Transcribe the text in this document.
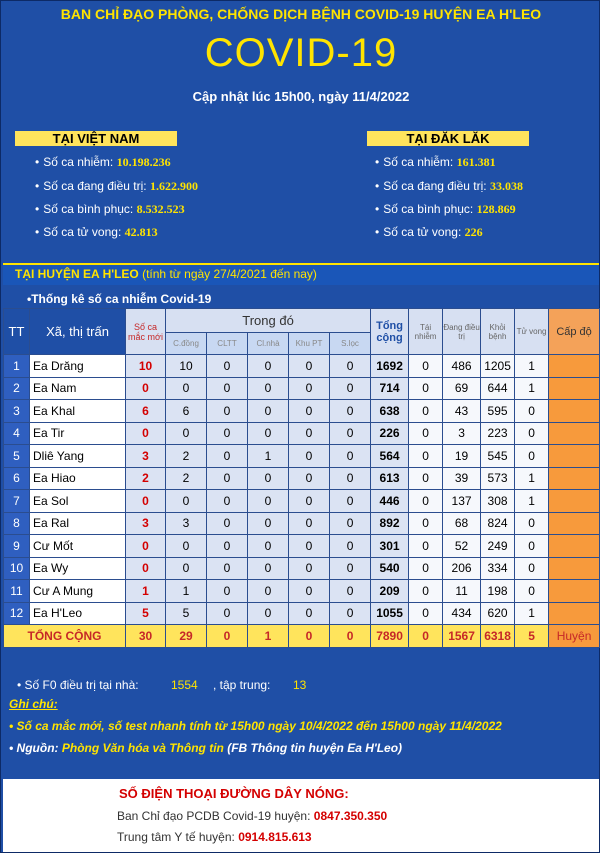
BAN CHỈ ĐẠO PHÒNG, CHỐNG DỊCH BỆNH COVID-19 HUYỆN EA H'LEO
COVID-19
Cập nhật lúc 15h00, ngày 11/4/2022
TẠI VIỆT NAM
• Số ca nhiễm: 10.198.236
• Số ca đang điều trị: 1.622.900
• Số ca bình phục: 8.532.523
• Số ca tử vong: 42.813
TẠI ĐĂK LĂK
• Số ca nhiễm: 161.381
• Số ca đang điều trị: 33.038
• Số ca bình phục: 128.869
• Số ca tử vong: 226
TẠI HUYỆN EA H'LEO (tính từ ngày 27/4/2021 đến nay)
•Thống kê số ca nhiễm Covid-19
TT	Xã, thị trấn	Số ca mắc mới	Trong đó					Tổng cộng	Tái nhiễm	Đang điều trị	Khỏi bệnh	Tử vong	Cấp độ
			C.đồng	CLTT	Cl.nhà	Khu PT	S.lọc						
1	Ea Drăng	10	10	0	0	0	0	1692	0	486	1205	1	
2	Ea Nam	0	0	0	0	0	0	714	0	69	644	1	
3	Ea Khal	6	6	0	0	0	0	638	0	43	595	0	
4	Ea Tir	0	0	0	0	0	0	226	0	3	223	0	
5	Dliê Yang	3	2	0	1	0	0	564	0	19	545	0	
6	Ea Hiao	2	2	0	0	0	0	613	0	39	573	1	
7	Ea Sol	0	0	0	0	0	0	446	0	137	308	1	
8	Ea Ral	3	3	0	0	0	0	892	0	68	824	0	
9	Cư Mốt	0	0	0	0	0	0	301	0	52	249	0	
10	Ea Wy	0	0	0	0	0	0	540	0	206	334	0	
11	Cư A Mung	1	1	0	0	0	0	209	0	11	198	0	
12	Ea H'Leo	5	5	0	0	0	0	1055	0	434	620	1	
TỔNG CỘNG		30	29	0	1	0	0	7890	0	1567	6318	5	Huyện
• Số F0 điều trị tại nhà:	1554 , tập trung: 13
Ghi chú:
• Số ca mắc mới, số test nhanh tính từ 15h00 ngày 10/4/2022 đến 15h00 ngày 11/4/2022
• Nguồn: Phòng Văn hóa và Thông tin (FB Thông tin huyện Ea H'Leo)
SỐ ĐIỆN THOẠI ĐƯỜNG DÂY NÓNG:
Ban Chỉ đạo PCDB Covid-19 huyện: 0847.350.350
Trung tâm Y tế huyện: 0914.815.613
